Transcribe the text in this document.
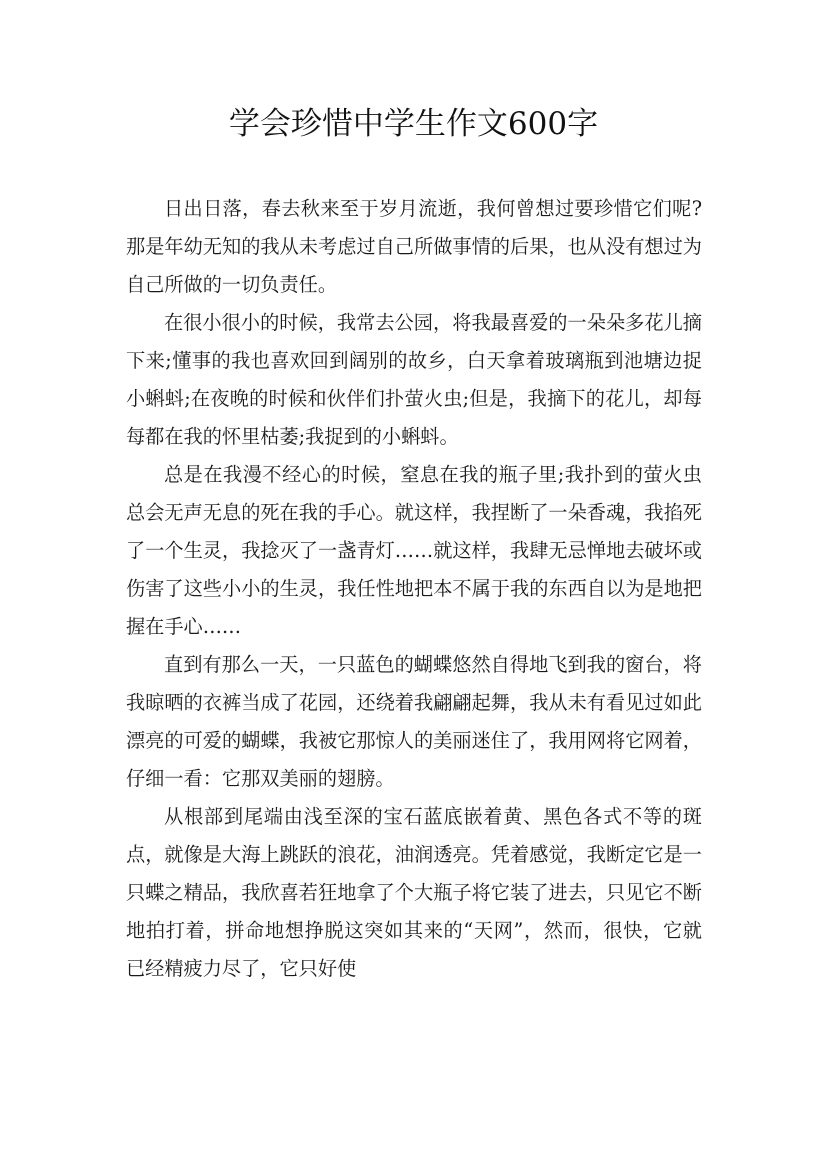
学会珍惜中学生作文600字

日出日落，春去秋来至于岁月流逝，我何曾想过要珍惜它们呢?那是年幼无知的我从未考虑过自己所做事情的后果，也从没有想过为自己所做的一切负责任。

在很小很小的时候，我常去公园，将我最喜爱的一朵朵多花儿摘下来;懂事的我也喜欢回到阔别的故乡，白天拿着玻璃瓶到池塘边捉小蝌蚪;在夜晚的时候和伙伴们扑萤火虫;但是，我摘下的花儿，却每每都在我的怀里枯萎;我捉到的小蝌蚪。

总是在我漫不经心的时候，窒息在我的瓶子里;我扑到的萤火虫总会无声无息的死在我的手心。就这样，我捏断了一朵香魂，我掐死了一个生灵，我捻灭了一盏青灯……就这样，我肆无忌惮地去破坏或伤害了这些小小的生灵，我任性地把本不属于我的东西自以为是地把握在手心……

直到有那么一天，一只蓝色的蝴蝶悠然自得地飞到我的窗台，将我晾晒的衣裤当成了花园，还绕着我翩翩起舞，我从未有看见过如此漂亮的可爱的蝴蝶，我被它那惊人的美丽迷住了，我用网将它网着，仔细一看：它那双美丽的翅膀。

从根部到尾端由浅至深的宝石蓝底嵌着黄、黑色各式不等的斑点，就像是大海上跳跃的浪花，油润透亮。凭着感觉，我断定它是一只蝶之精品，我欣喜若狂地拿了个大瓶子将它装了进去，只见它不断地拍打着，拼命地想挣脱这突如其来的“天网”，然而，很快，它就已经精疲力尽了，它只好使
